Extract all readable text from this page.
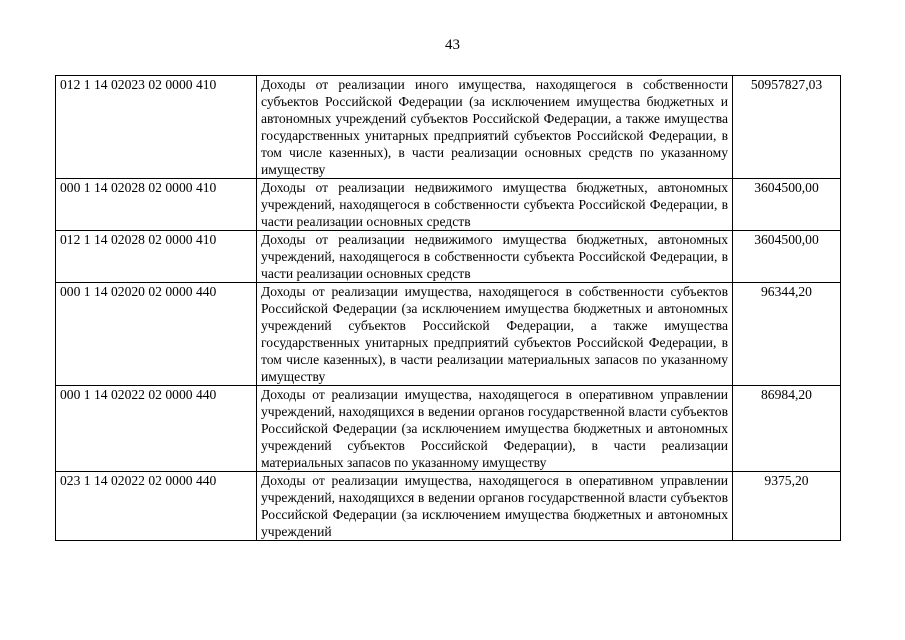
43
012 1 14 02023 02 0000 410	Доходы от реализации иного имущества, находящегося в собственности субъектов Российской Федерации (за исключением имущества бюджетных и автономных учреждений субъектов Российской Федерации, а также имущества государственных унитарных предприятий субъектов Российской Федерации, в том числе казенных), в части реализации основных средств по указанному имуществу	50957827,03
000 1 14 02028 02 0000 410	Доходы от реализации недвижимого имущества бюджетных, автономных учреждений, находящегося в собственности субъекта Российской Федерации, в части реализации основных средств	3604500,00
012 1 14 02028 02 0000 410	Доходы от реализации недвижимого имущества бюджетных, автономных учреждений, находящегося в собственности субъекта Российской Федерации, в части реализации основных средств	3604500,00
000 1 14 02020 02 0000 440	Доходы от реализации имущества, находящегося в собственности субъектов Российской Федерации (за исключением имущества бюджетных и автономных учреждений субъектов Российской Федерации, а также имущества государственных унитарных предприятий субъектов Российской Федерации, в том числе казенных), в части реализации материальных запасов по указанному имуществу	96344,20
000 1 14 02022 02 0000 440	Доходы от реализации имущества, находящегося в оперативном управлении учреждений, находящихся в ведении органов государственной власти субъектов Российской Федерации (за исключением имущества бюджетных и автономных учреждений субъектов Российской Федерации), в части реализации материальных запасов по указанному имуществу	86984,20
023 1 14 02022 02 0000 440	Доходы от реализации имущества, находящегося в оперативном управлении учреждений, находящихся в ведении органов государственной власти субъектов Российской Федерации (за исключением имущества бюджетных и автономных учреждений	9375,20
